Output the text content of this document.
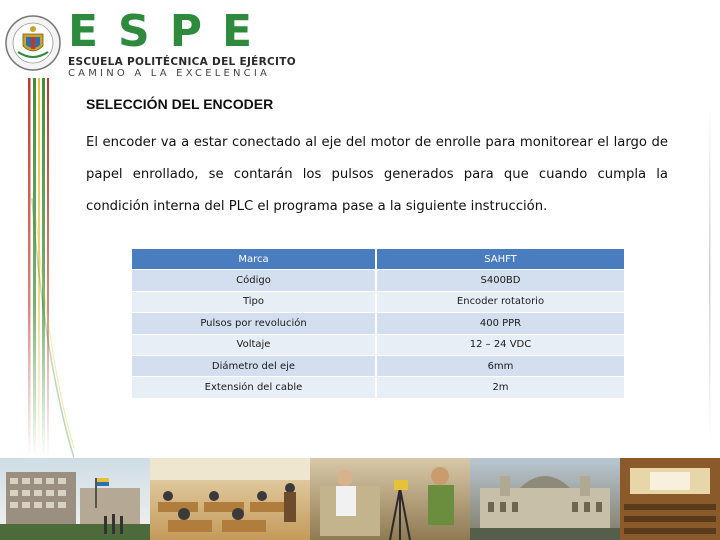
ESPE
ESCUELA POLITÉCNICA DEL EJÉRCITO
CAMINO A LA EXCELENCIA
SELECCIÓN DEL ENCODER

El encoder va a estar conectado al eje del motor de enrolle para monitorear el largo de papel enrollado, se contarán los pulsos generados para que cuando cumpla la condición interna del PLC el programa pase a la siguiente instrucción.

Marca	SAHFT
Código	S400BD
Tipo	Encoder rotatorio
Pulsos por revolución	400 PPR
Voltaje	12 – 24 VDC
Diámetro del eje	6mm
Extensión del cable	2m
